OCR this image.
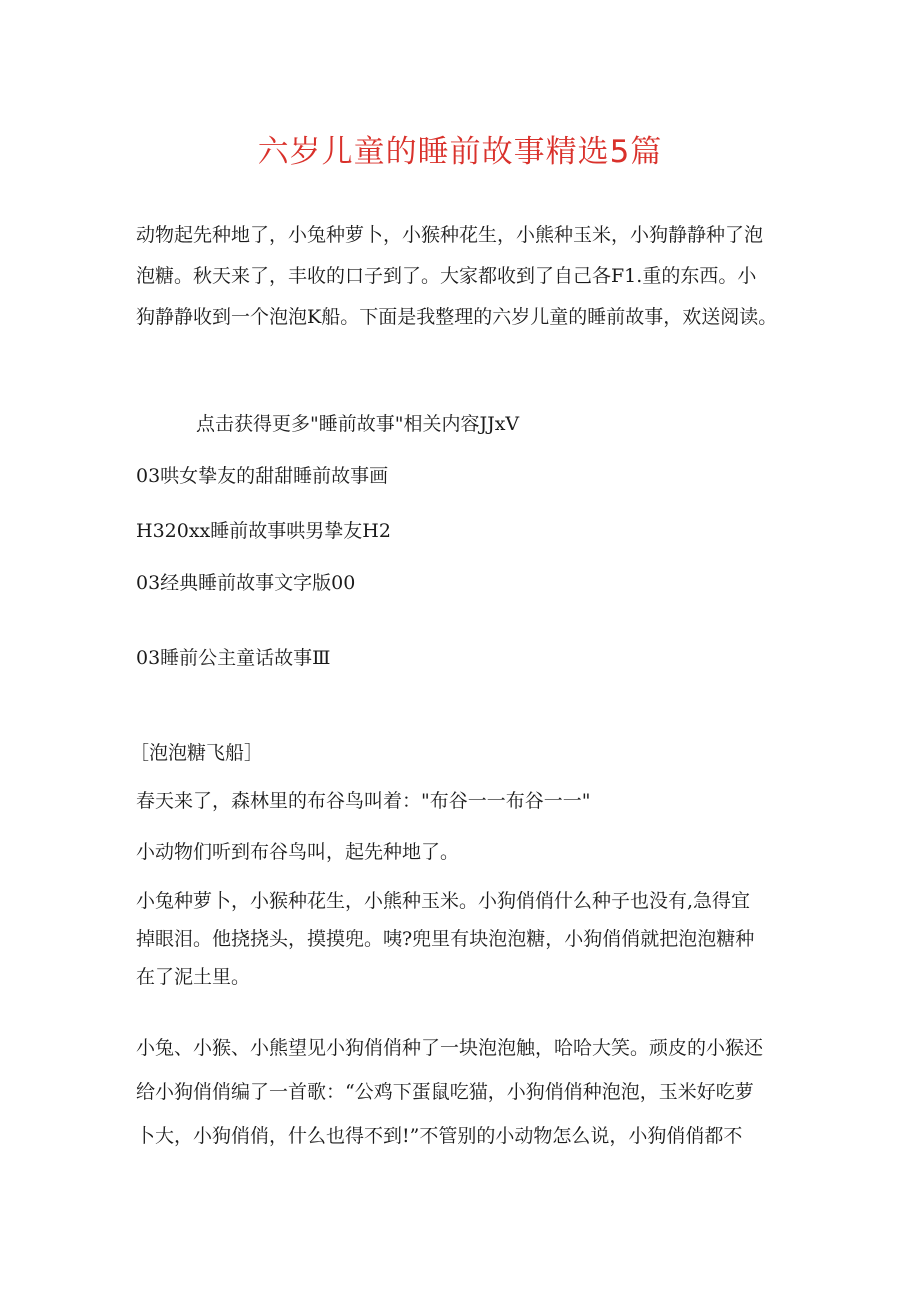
六岁儿童的睡前故事精选5篇
动物起先种地了，小兔种萝卜，小猴种花生，小熊种玉米，小狗静静种了泡
泡糖。秋天来了，丰收的口子到了。大家都收到了自己各F1.重的东西。小
狗静静收到一个泡泡K船。下面是我整理的六岁儿童的睡前故事，欢送阅读。
点击获得更多"睡前故事"相关内容JJxV
03哄女挚友的甜甜睡前故事画
H320xx睡前故事哄男挚友H2
03经典睡前故事文字版00
03睡前公主童话故事Ⅲ
［泡泡糖飞船］
春天来了，森林里的布谷鸟叫着："布谷一一布谷一一"
小动物们听到布谷鸟叫，起先种地了。
小兔种萝卜，小猴种花生，小熊种玉米。小狗俏俏什么种子也没有,急得宜
掉眼泪。他挠挠头，摸摸兜。咦?兜里有块泡泡糖，小狗俏俏就把泡泡糖种
在了泥土里。
小兔、小猴、小熊望见小狗俏俏种了一块泡泡触，哈哈大笑。顽皮的小猴还
给小狗俏俏编了一首歌：“公鸡下蛋鼠吃猫，小狗俏俏种泡泡，玉米好吃萝
卜大，小狗俏俏，什么也得不到!”不管别的小动物怎么说，小狗俏俏都不
